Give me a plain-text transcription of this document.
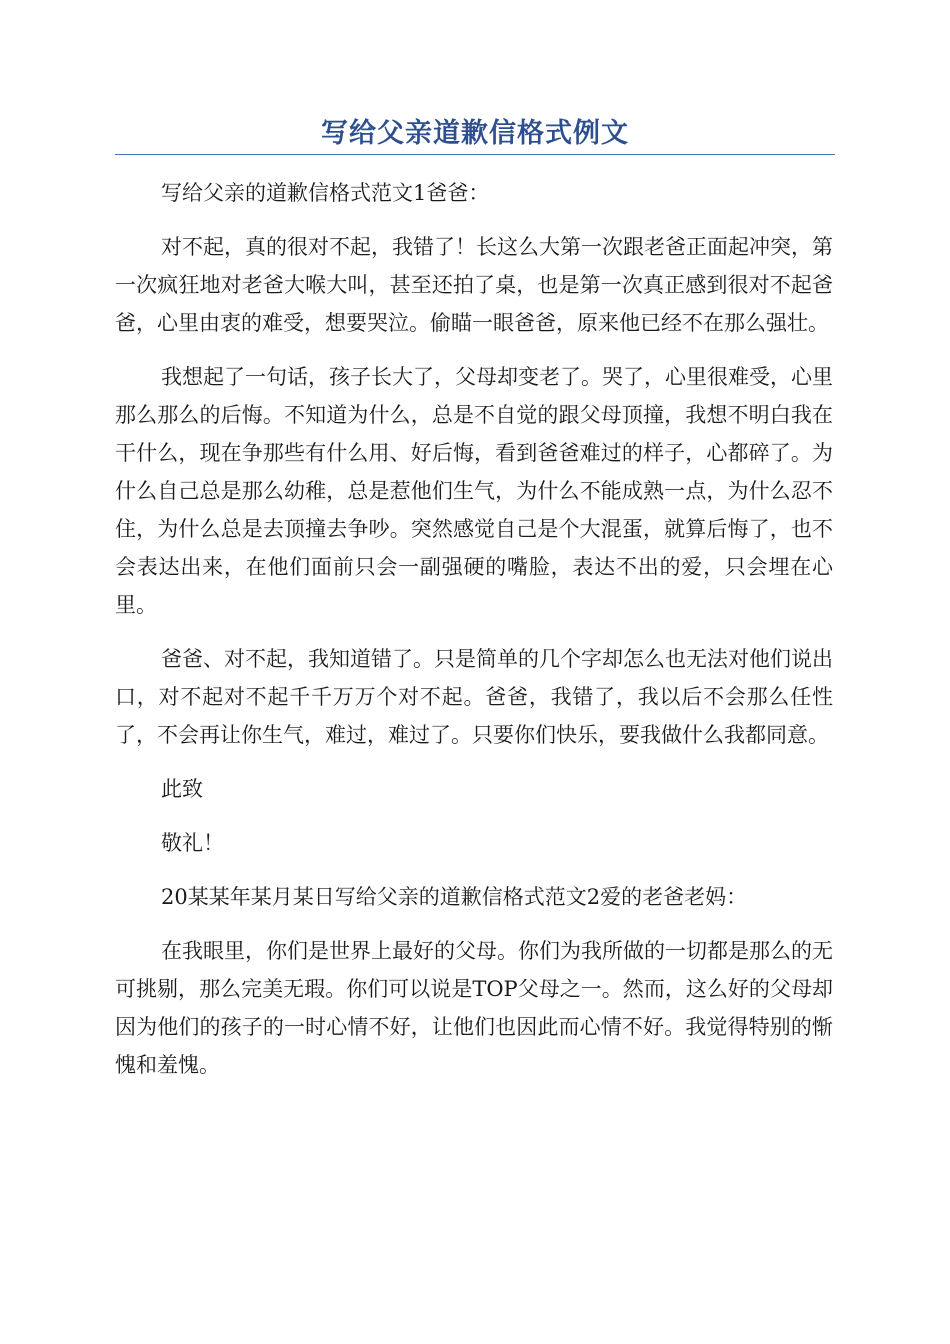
写给父亲道歉信格式例文

写给父亲的道歉信格式范文1爸爸：

对不起，真的很对不起，我错了！长这么大第一次跟老爸正面起冲突，第一次疯狂地对老爸大喉大叫，甚至还拍了桌，也是第一次真正感到很对不起爸爸，心里由衷的难受，想要哭泣。偷瞄一眼爸爸，原来他已经不在那么强壮。

我想起了一句话，孩子长大了，父母却变老了。哭了，心里很难受，心里那么那么的后悔。不知道为什么，总是不自觉的跟父母顶撞，我想不明白我在干什么，现在争那些有什么用、好后悔，看到爸爸难过的样子，心都碎了。为什么自己总是那么幼稚，总是惹他们生气，为什么不能成熟一点，为什么忍不住，为什么总是去顶撞去争吵。突然感觉自己是个大混蛋，就算后悔了，也不会表达出来，在他们面前只会一副强硬的嘴脸，表达不出的爱，只会埋在心里。

爸爸、对不起，我知道错了。只是简单的几个字却怎么也无法对他们说出口，对不起对不起千千万万个对不起。爸爸，我错了，我以后不会那么任性了，不会再让你生气，难过，难过了。只要你们快乐，要我做什么我都同意。

此致

敬礼！

20某某年某月某日写给父亲的道歉信格式范文2爱的老爸老妈：

在我眼里，你们是世界上最好的父母。你们为我所做的一切都是那么的无可挑剔，那么完美无瑕。你们可以说是TOP父母之一。然而，这么好的父母却因为他们的孩子的一时心情不好，让他们也因此而心情不好。我觉得特别的惭愧和羞愧。
